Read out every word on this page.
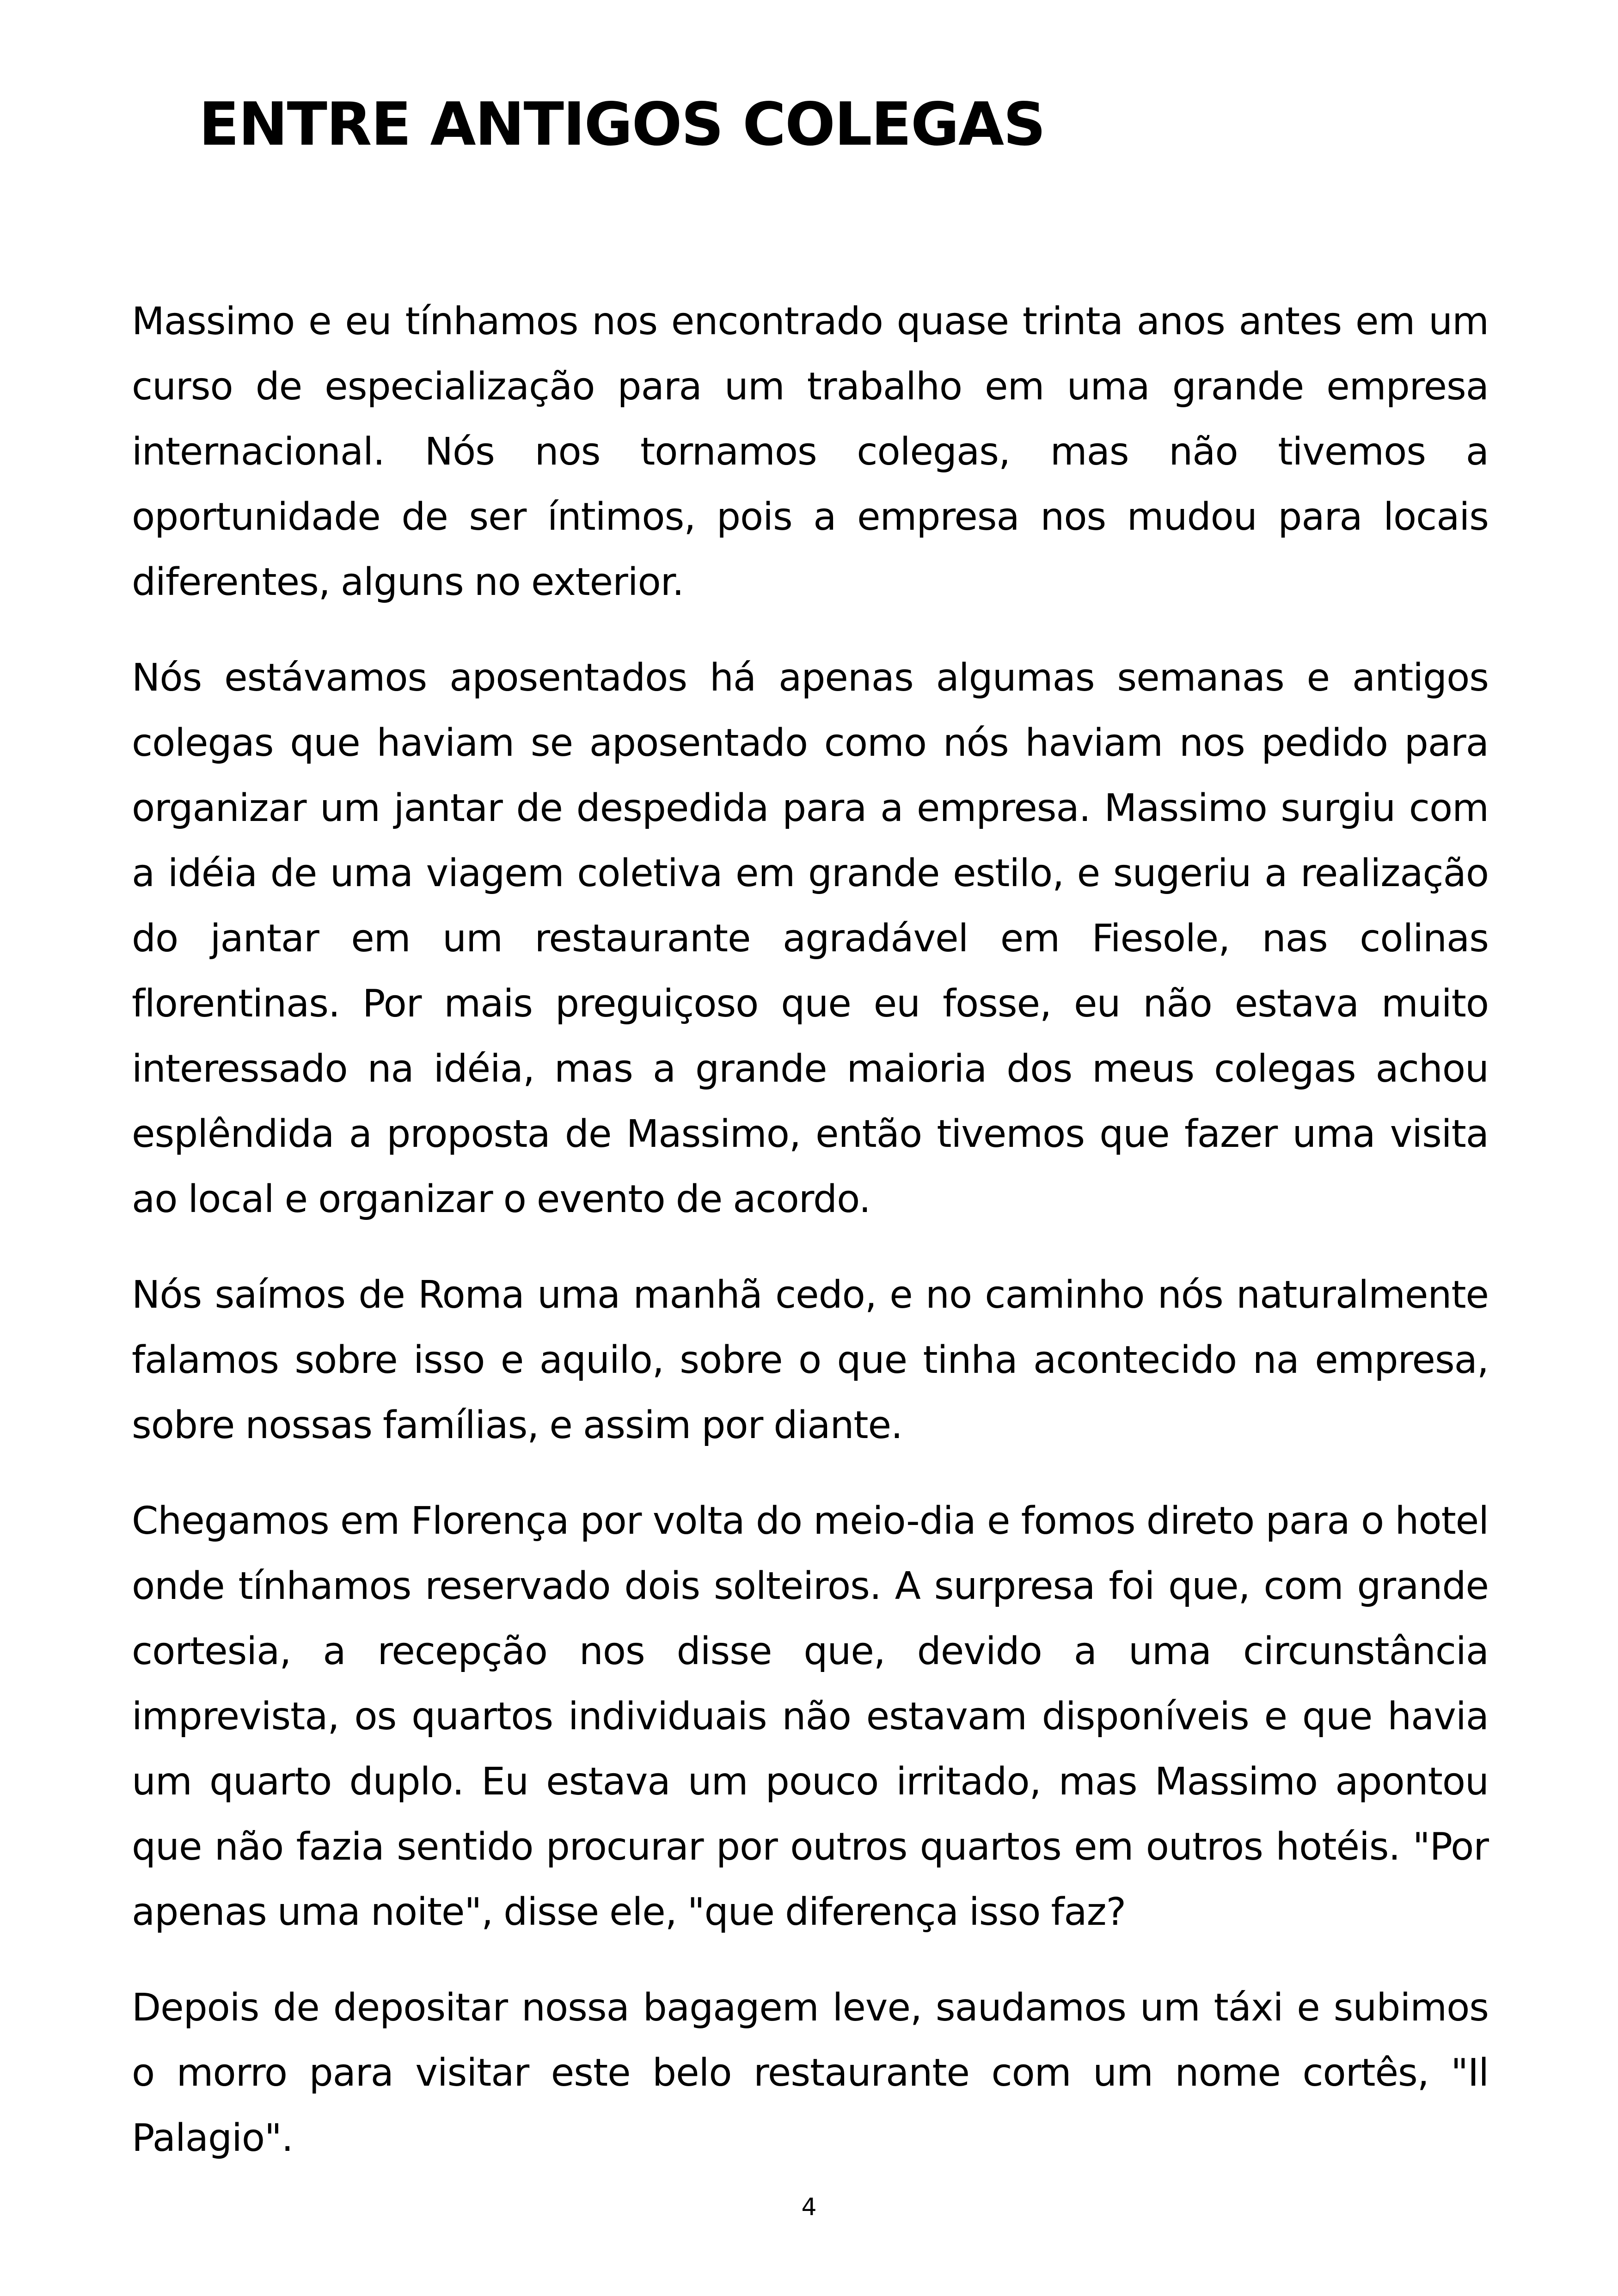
ENTRE ANTIGOS COLEGAS

Massimo e eu tínhamos nos encontrado quase trinta anos antes em um curso de especialização para um trabalho em uma grande empresa internacional. Nós nos tornamos colegas, mas não tivemos a oportunidade de ser íntimos, pois a empresa nos mudou para locais diferentes, alguns no exterior.

Nós estávamos aposentados há apenas algumas semanas e antigos colegas que haviam se aposentado como nós haviam nos pedido para organizar um jantar de despedida para a empresa. Massimo surgiu com a idéia de uma viagem coletiva em grande estilo, e sugeriu a realização do jantar em um restaurante agradável em Fiesole, nas colinas florentinas. Por mais preguiçoso que eu fosse, eu não estava muito interessado na idéia, mas a grande maioria dos meus colegas achou esplêndida a proposta de Massimo, então tivemos que fazer uma visita ao local e organizar o evento de acordo.

Nós saímos de Roma uma manhã cedo, e no caminho nós naturalmente falamos sobre isso e aquilo, sobre o que tinha acontecido na empresa, sobre nossas famílias, e assim por diante.

Chegamos em Florença por volta do meio-dia e fomos direto para o hotel onde tínhamos reservado dois solteiros. A surpresa foi que, com grande cortesia, a recepção nos disse que, devido a uma circunstância imprevista, os quartos individuais não estavam disponíveis e que havia um quarto duplo. Eu estava um pouco irritado, mas Massimo apontou que não fazia sentido procurar por outros quartos em outros hotéis. "Por apenas uma noite", disse ele, "que diferença isso faz?

Depois de depositar nossa bagagem leve, saudamos um táxi e subimos o morro para visitar este belo restaurante com um nome cortês, "Il Palagio".

4
